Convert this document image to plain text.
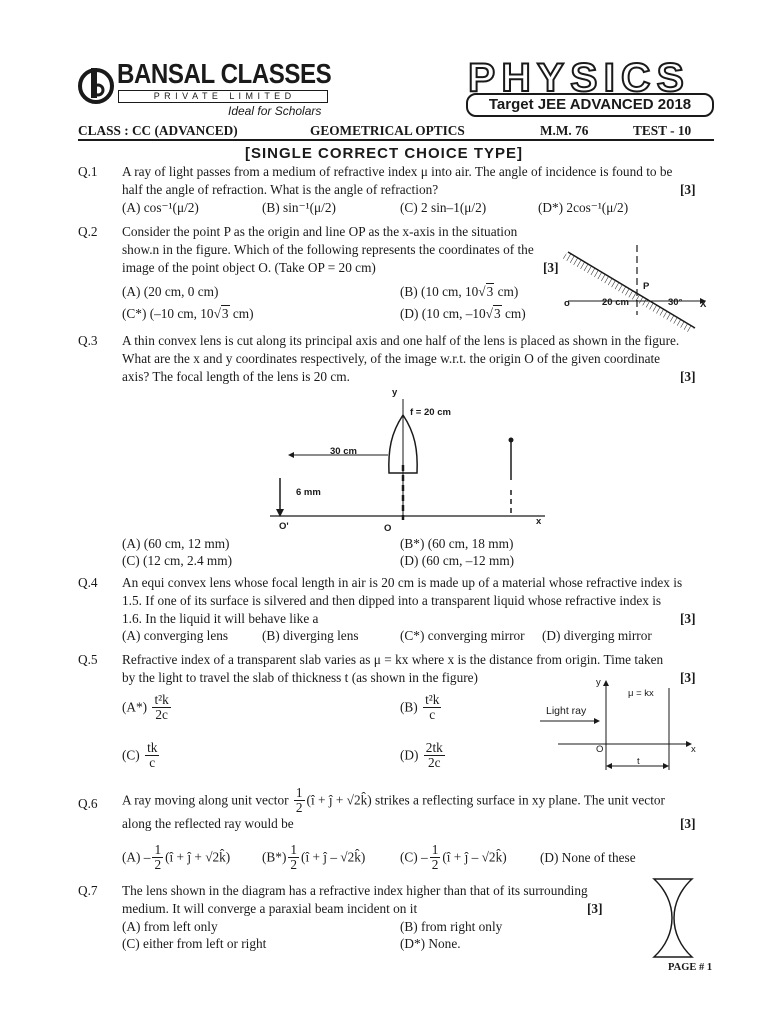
BANSAL CLASSES
P R I V A T E   L I M I T E D
Ideal for Scholars
PHYSICS
Target JEE ADVANCED 2018
CLASS : CC (ADVANCED)	GEOMETRICAL OPTICS	M.M. 76	TEST - 10
[SINGLE CORRECT CHOICE TYPE]
Q.1 A ray of light passes from a medium of refractive index μ into air. The angle of incidence is found to be
half the angle of refraction. What is the angle of refraction?	[3]
(A) cos⁻¹(μ/2)	(B) sin⁻¹(μ/2)	(C) 2 sin–1(μ/2)	(D*) 2cos⁻¹(μ/2)
Q.2 Consider the point P as the origin and line OP as the x-axis in the situation
show.n in the figure. Which of the following represents the coordinates of the
image of the point object O. (Take OP = 20 cm)	[3]
(A) (20 cm, 0 cm)	(B) (10 cm, 10√3 cm)
(C*) (–10 cm, 10√3 cm)	(D) (10 cm, –10√3 cm)
P
o	20 cm	30° X
Q.3 A thin convex lens is cut along its principal axis and one half of the lens is placed as shown in the figure.
What are the x and y coordinates respectively, of the image w.r.t. the origin O of the given coordinate
axis? The focal length of the lens is 20 cm.	[3]
y
f = 20 cm
30 cm
6 mm
O'	O
x
(A) (60 cm, 12 mm)	(B*) (60 cm, 18 mm)
(C) (12 cm, 2.4 mm)	(D) (60 cm, –12 mm)
Q.4 An equi convex lens whose focal length in air is 20 cm is made up of a material whose refractive index is
1.5. If one of its surface is silvered and then dipped into a transparent liquid whose refractive index is
1.6. In the liquid it will behave like a	[3]
(A) converging lens	(B) diverging lens	(C*) converging mirror (D) diverging mirror
Q.5 Refractive index of a transparent slab varies as μ = kx where x is the distance from origin. Time taken
by the light to travel the slab of thickness t (as shown in the figure)	[3]
$(A*) \frac{\text{t²k}}{2c}$	$(B) \frac{\text{t²k}}{c}$
$(C) \frac{tk}{c}$	$(D) \frac{2tk}{2c}$
y
μ = kx
Light ray
O
t
x
Q.6 A ray moving along unit vector $\frac{1}{2}$ (î + ĵ + √2k̂) strikes a reflecting surface in xy plane. The unit vector
along the reflected ray would be	[3]
$(A) - \frac{1}{2}$ (î + ĵ + √2k̂) $(B*) \frac{1}{2}$ (î + ĵ – √2k̂)	$(C) - \frac{1}{2}$ (î + ĵ – √2k̂)	(D) None of these
Q.7 The lens shown in the diagram has a refractive index higher than that of its surrounding
medium. It will converge a paraxial beam incident on it	[3]
(A) from left only	(B) from right only
(C) either from left or right	(D*) None.
PAGE # 1
